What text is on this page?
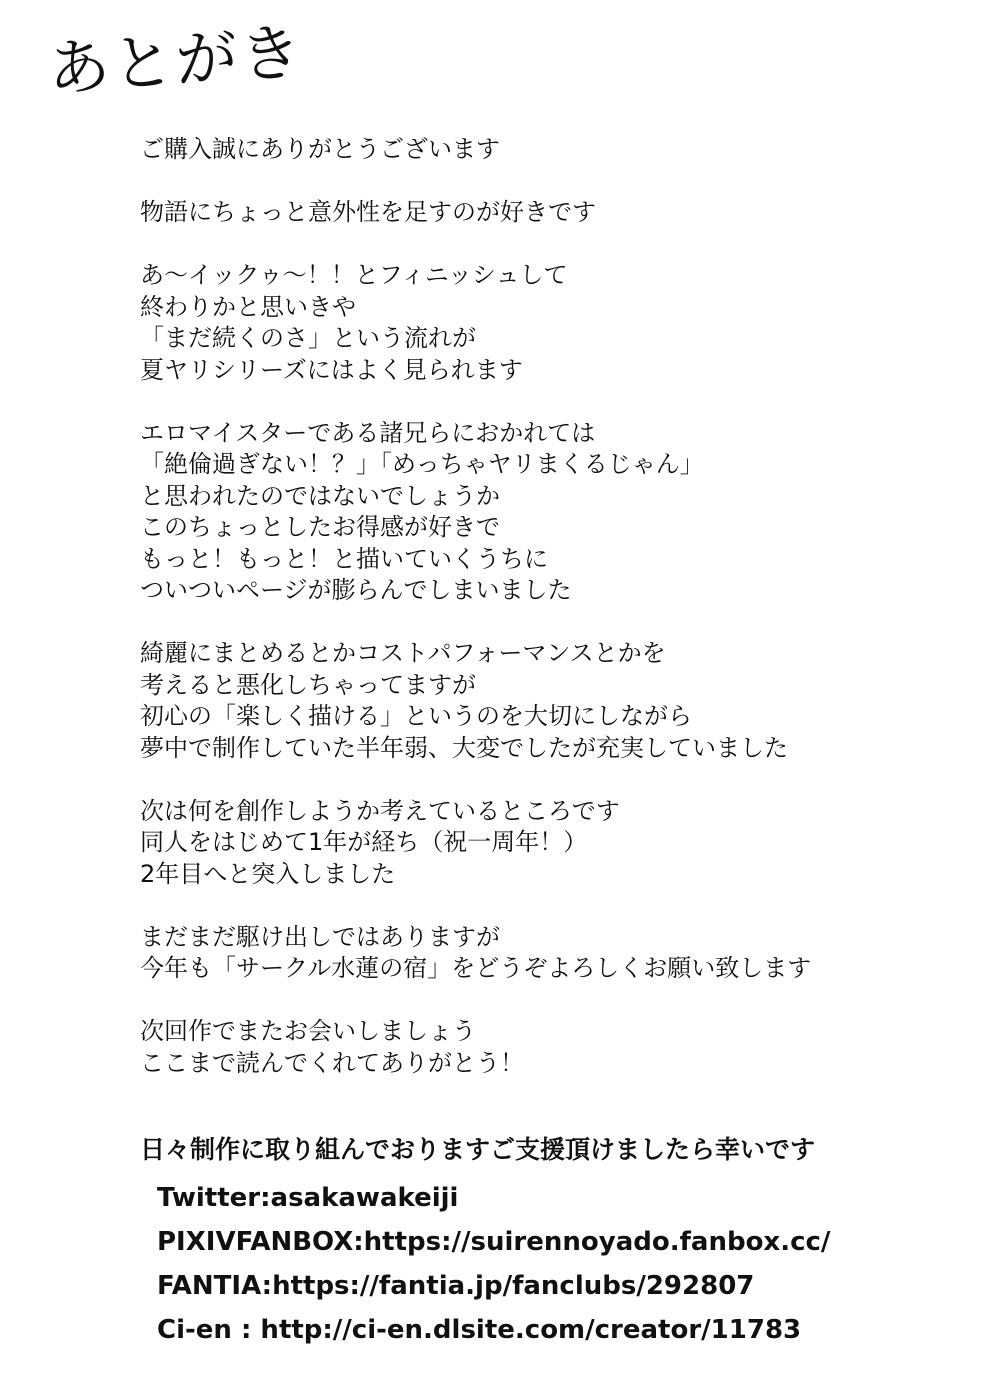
あとがき
ご購入誠にありがとうございます
物語にちょっと意外性を足すのが好きです
あ〜イックゥ〜！！とフィニッシュして
終わりかと思いきや
「まだ続くのさ」という流れが
夏ヤリシリーズにはよく見られます
エロマイスターである諸兄らにおかれては
「絶倫過ぎない！？」「めっちゃヤリまくるじゃん」
と思われたのではないでしょうか
このちょっとしたお得感が好きで
もっと！もっと！と描いていくうちに
ついついページが膨らんでしまいました
綺麗にまとめるとかコストパフォーマンスとかを
考えると悪化しちゃってますが
初心の「楽しく描ける」というのを大切にしながら
夢中で制作していた半年弱、大変でしたが充実していました
次は何を創作しようか考えているところです
同人をはじめて1年が経ち（祝一周年！）
2年目へと突入しました
まだまだ駆け出しではありますが
今年も「サークル水蓮の宿」をどうぞよろしくお願い致します
次回作でまたお会いしましょう
ここまで読んでくれてありがとう！
日々制作に取り組んでおりますご支援頂けましたら幸いです
Twitter:asakawakeiji
PIXIVFANBOX:https://suirennoyado.fanbox.cc/
FANTIA:https://fantia.jp/fanclubs/292807
Ci-en : http://ci-en.dlsite.com/creator/11783
